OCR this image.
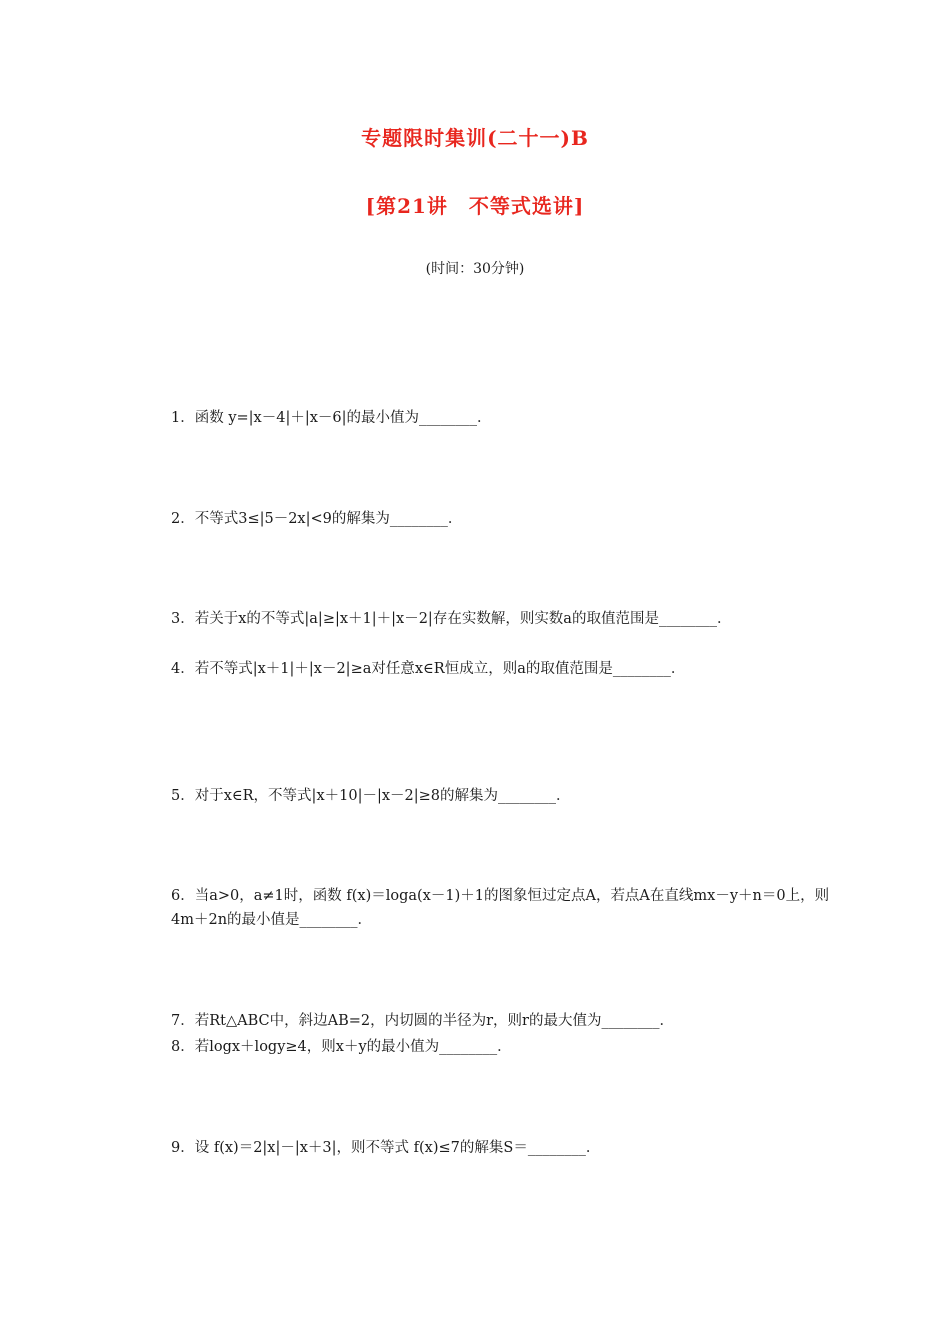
专题限时集训(二十一)B
[第21讲　不等式选讲]

(时间：30分钟)

1．函数 y=|x－4|＋|x－6|的最小值为________．

2．不等式3≤|5－2x|<9的解集为________．

3．若关于x的不等式|a|≥|x＋1|＋|x－2|存在实数解，则实数a的取值范围是________．

4．若不等式|x＋1|＋|x－2|≥a对任意x∈R恒成立，则a的取值范围是________．

5．对于x∈R，不等式|x＋10|－|x－2|≥8的解集为________．

6．当a>0，a≠1时，函数 f(x)＝loga(x－1)＋1的图象恒过定点A，若点A在直线mx－y＋n＝0上，则4m＋2n的最小值是________．

7．若Rt△ABC中，斜边AB=2，内切圆的半径为r，则r的最大值为________．

8．若logx＋logy≥4，则x＋y的最小值为________．

9．设 f(x)＝2|x|－|x＋3|，则不等式 f(x)≤7的解集S＝________．
